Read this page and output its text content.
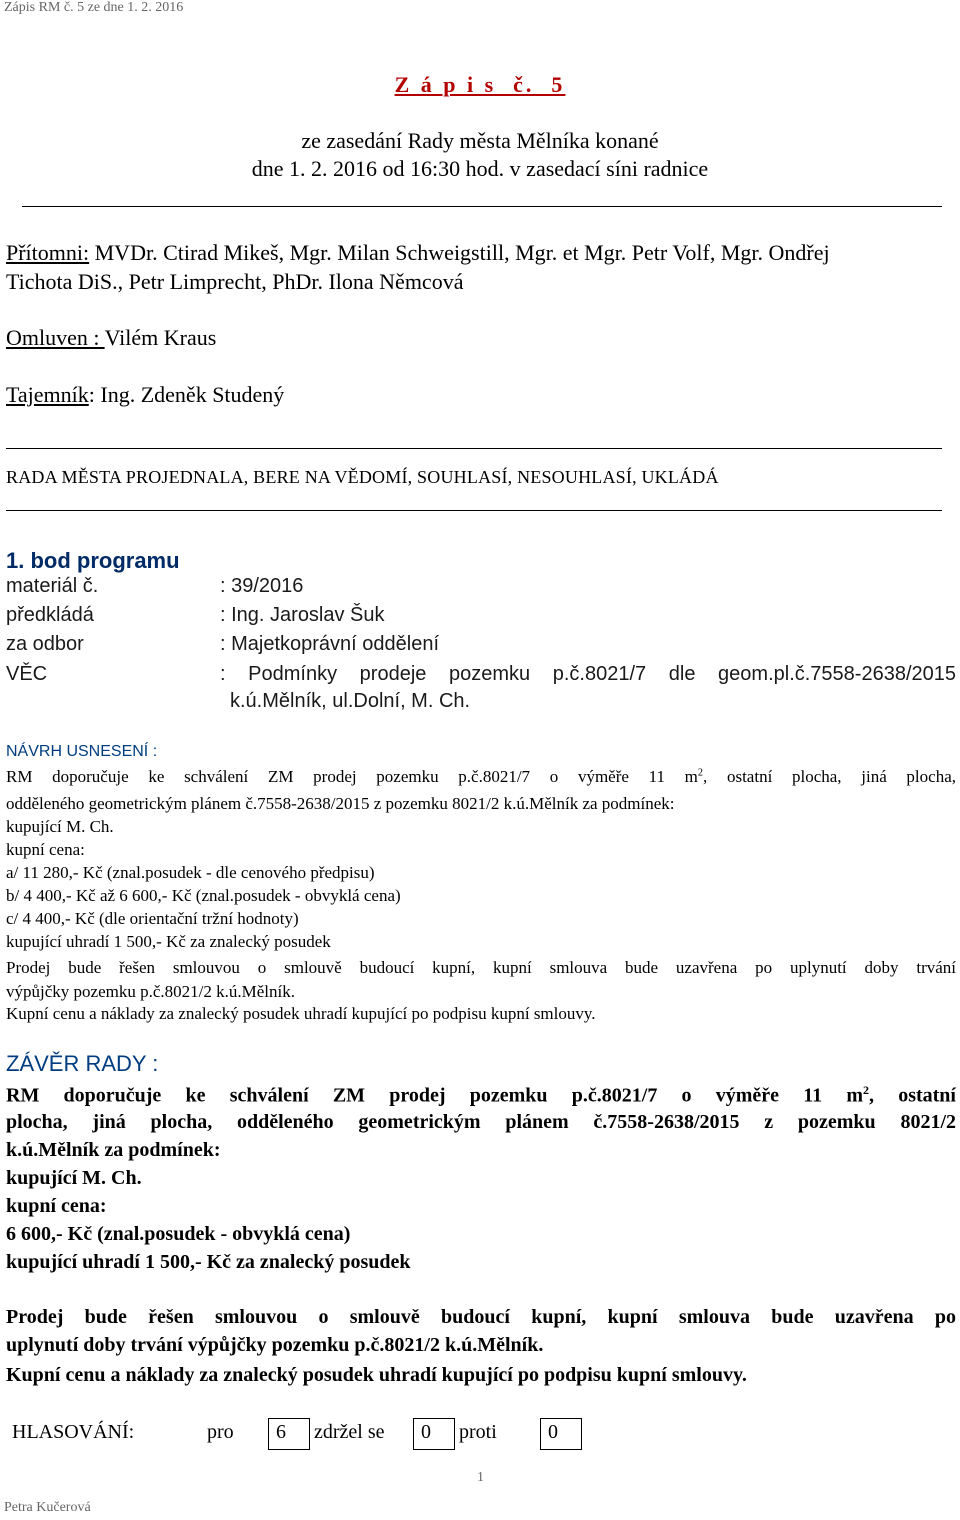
Zápis RM č. 5 ze dne 1. 2. 2016
Z á p i s  č.  5
ze zasedání Rady města Mělníka konané
dne 1. 2. 2016 od 16:30 hod. v zasedací síni radnice
Přítomni: MVDr. Ctirad Mikeš, Mgr. Milan Schweigstill, Mgr. et Mgr. Petr Volf, Mgr. Ondřej
Tichota DiS., Petr Limprecht, PhDr. Ilona Němcová
Omluven : Vilém Kraus
Tajemník: Ing. Zdeněk Studený
RADA MĚSTA PROJEDNALA, BERE NA VĚDOMÍ, SOUHLASÍ, NESOUHLASÍ, UKLÁDÁ
1. bod programu
materiál č.	: 39/2016
předkládá	: Ing. Jaroslav Šuk
za odbor	: Majetkoprávní oddělení
VĚC	: Podmínky prodeje pozemku p.č.8021/7 dle geom.pl.č.7558-2638/2015
k.ú.Mělník, ul.Dolní, M. Ch.
NÁVRH USNESENÍ :
RM doporučuje ke schválení ZM prodej pozemku p.č.8021/7 o výměře 11 $m^2$, ostatní plocha, jiná plocha,
odděleného geometrickým plánem č.7558-2638/2015 z pozemku 8021/2 k.ú.Mělník za podmínek:
kupující M. Ch.
kupní cena:
a/ 11 280,- Kč (znal.posudek - dle cenového předpisu)
b/ 4 400,- Kč až 6 600,- Kč (znal.posudek - obvyklá cena)
c/ 4 400,- Kč (dle orientační tržní hodnoty)
kupující uhradí 1 500,- Kč za znalecký posudek
Prodej bude řešen smlouvou o smlouvě budoucí kupní, kupní smlouva bude uzavřena po uplynutí doby trvání
výpůjčky pozemku p.č.8021/2 k.ú.Mělník.
Kupní cenu a náklady za znalecký posudek uhradí kupující po podpisu kupní smlouvy.
ZÁVĚR RADY :
RM doporučuje ke schválení ZM prodej pozemku p.č.8021/7 o výměře 11 $m^2$, ostatní
plocha, jiná plocha, odděleného geometrickým plánem č.7558-2638/2015 z pozemku 8021/2
k.ú.Mělník za podmínek:
kupující M. Ch.
kupní cena:
6 600,- Kč (znal.posudek - obvyklá cena)
kupující uhradí 1 500,- Kč za znalecký posudek
Prodej bude řešen smlouvou o smlouvě budoucí kupní, kupní smlouva bude uzavřena po
uplynutí doby trvání výpůjčky pozemku p.č.8021/2 k.ú.Mělník.
Kupní cenu a náklady za znalecký posudek uhradí kupující po podpisu kupní smlouvy.
HLASOVÁNÍ:	pro 6 zdržel se 0 proti	0
1
Petra Kučerová
